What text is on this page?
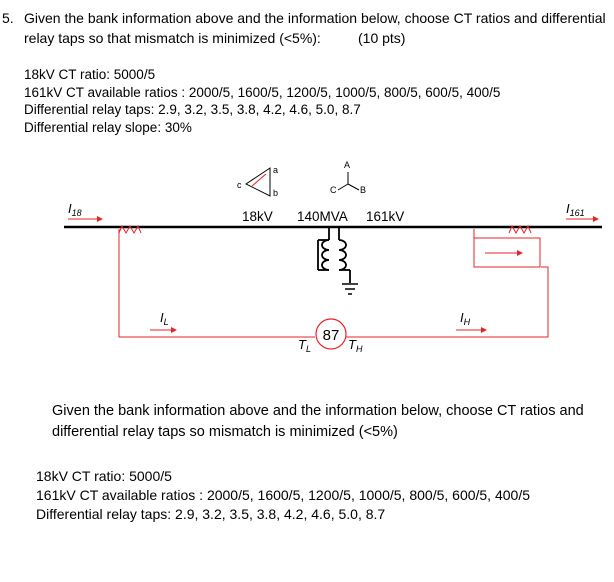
5. Given the bank information above and the information below, choose CT ratios and differential
relay taps so that mismatch is minimized (<5%):	(10 pts)
18kV CT ratio: 5000/5
161kV CT available ratios : 2000/5, 1600/5, 1200/5, 1000/5, 800/5, 600/5, 400/5
Differential relay taps: 2.9, 3.2, 3.5, 3.8, 4.2, 4.6, 5.0, 8.7
Differential relay slope: 30%
$I_{18}$	$I_{161}$
$I_L$	$I_H$
87
$T_L$	$T_H$
a
b
c
A
B
C
18kV 140MVA 161kV
Given the bank information above and the information below, choose CT ratios and
differential relay taps so mismatch is minimized (<5%)
18kV CT ratio: 5000/5
161kV CT available ratios : 2000/5, 1600/5, 1200/5, 1000/5, 800/5, 600/5, 400/5
Differential relay taps: 2.9, 3.2, 3.5, 3.8, 4.2, 4.6, 5.0, 8.7
